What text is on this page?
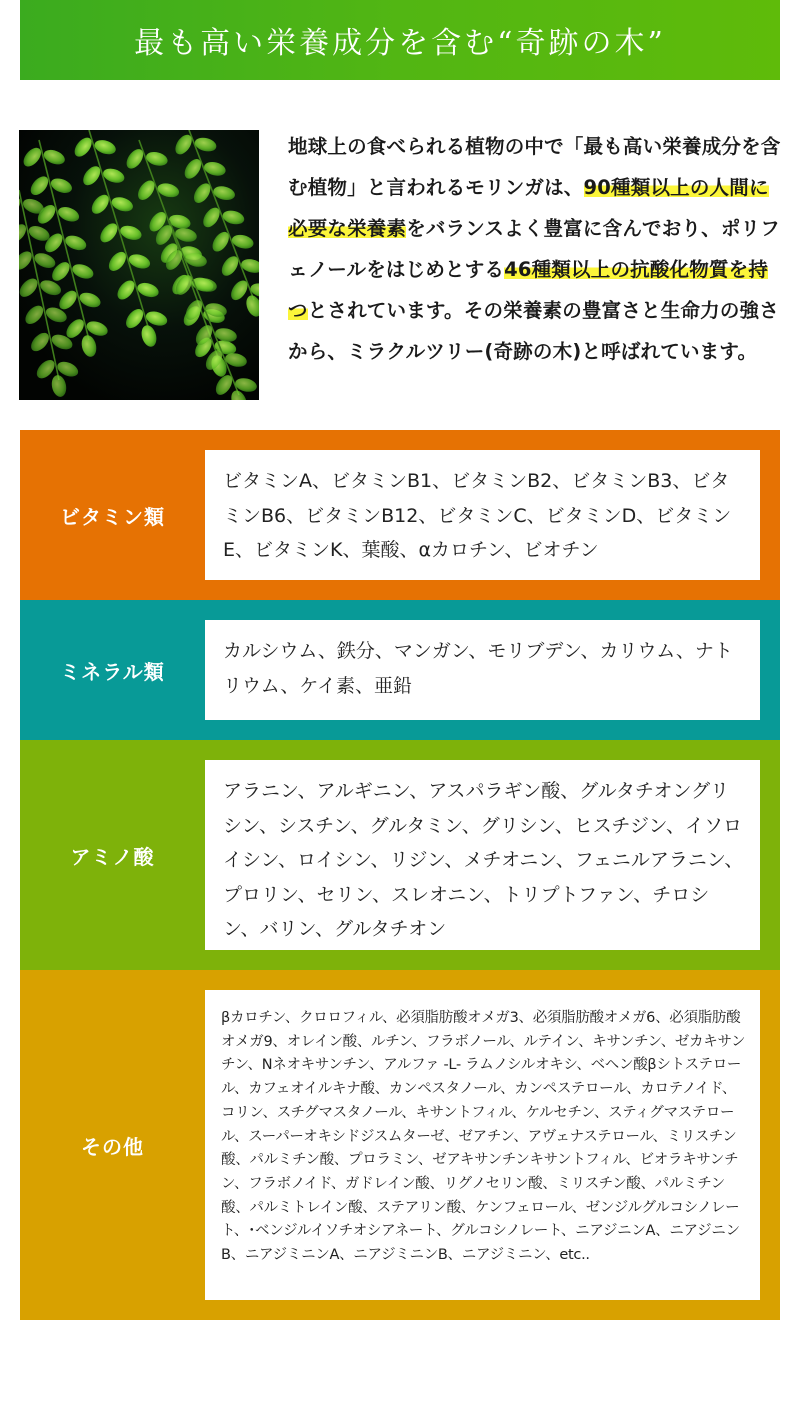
最も高い栄養成分を含む“奇跡の木”

地球上の食べられる植物の中で「最も高い栄養成分を含む植物」と言われるモリンガは、90種類以上の人間に必要な栄養素をバランスよく豊富に含んでおり、ポリフェノールをはじめとする46種類以上の抗酸化物質を持つとされています。その栄養素の豊富さと生命力の強さから、ミラクルツリー(奇跡の木)と呼ばれています。

ビタミン類
ビタミンA、ビタミンB1、ビタミンB2、ビタミンB3、ビタミンB6、ビタミンB12、ビタミンC、ビタミンD、ビタミンE、ビタミンK、葉酸、αカロチン、ビオチン
ミネラル類
カルシウム、鉄分、マンガン、モリブデン、カリウム、ナトリウム、ケイ素、亜鉛
アミノ酸
アラニン、アルギニン、アスパラギン酸、グルタチオングリシン、シスチン、グルタミン、グリシン、ヒスチジン、イソロイシン、ロイシン、リジン、メチオニン、フェニルアラニン、プロリン、セリン、スレオニン、トリプトファン、チロシン、バリン、グルタチオン
その他
βカロチン、クロロフィル、必須脂肪酸オメガ3、必須脂肪酸オメガ6、必須脂肪酸オメガ9、オレイン酸、ルチン、フラボノール、ルテイン、キサンチン、ゼカキサンチン、Nネオキサンチン、アルファ -L- ラムノシルオキシ、ベヘン酸βシトステロール、カフェオイルキナ酸、カンペスタノール、カンペステロール、カロテノイド、コリン、スチグマスタノール、キサントフィル、ケルセチン、スティグマステロール、スーパーオキシドジスムターゼ、ゼアチン、アヴェナステロール、ミリスチン酸、パルミチン酸、プロラミン、ゼアキサンチンキサントフィル、ビオラキサンチン、フラボノイド、ガドレイン酸、リグノセリン酸、ミリスチン酸、パルミチン酸、パルミトレイン酸、ステアリン酸、ケンフェロール、ゼンジルグルコシノレート、･ベンジルイソチオシアネート、グルコシノレート、ニアジニンA、ニアジニンB、ニアジミニンA、ニアジミニンB、ニアジミニン、etc..
